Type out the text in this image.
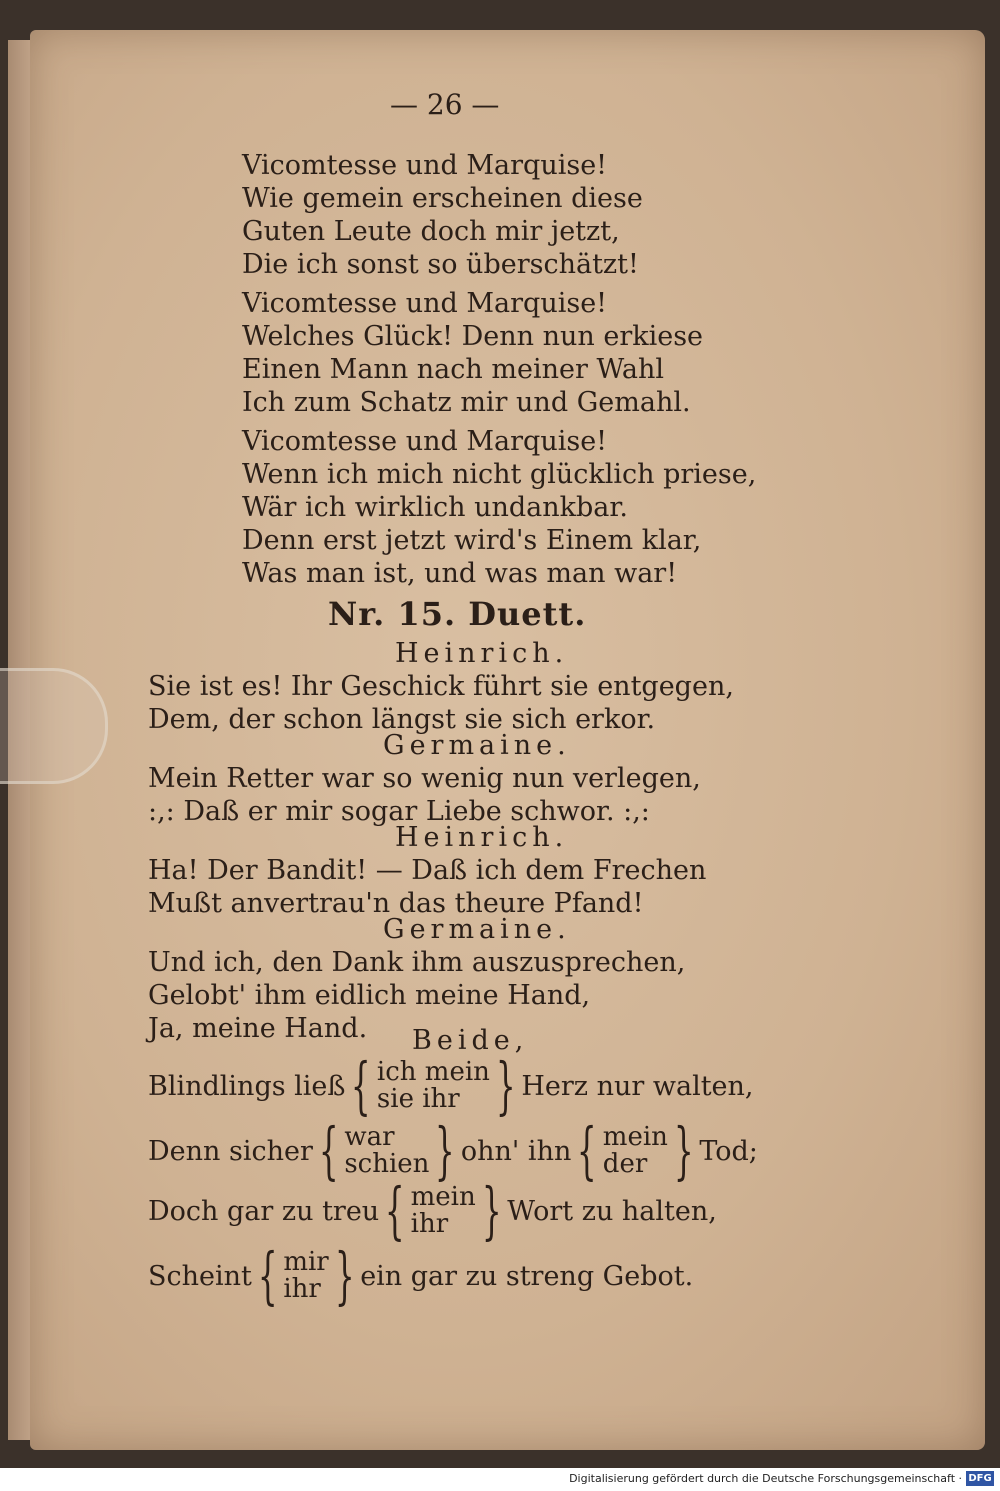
— 26 —
Vicomtesse und Marquise!
Wie gemein erscheinen diese
Guten Leute doch mir jetzt,
Die ich sonst so überschätzt!
Vicomtesse und Marquise!
Welches Glück! Denn nun erkiese
Einen Mann nach meiner Wahl
Ich zum Schatz mir und Gemahl.
Vicomtesse und Marquise!
Wenn ich mich nicht glücklich priese,
Wär ich wirklich undankbar.
Denn erst jetzt wird's Einem klar,
Was man ist, und was man war!
Nr. 15. Duett.
Heinrich.
Sie ist es! Ihr Geschick führt sie entgegen,
Dem, der schon längst sie sich erkor.
Germaine.
Mein Retter war so wenig nun verlegen,
:,: Daß er mir sogar Liebe schwor. :,:
Heinrich.
Ha! Der Bandit! — Daß ich dem Frechen
Mußt anvertrau'n das theure Pfand!
Germaine.
Und ich, den Dank ihm auszusprechen,
Gelobt' ihm eidlich meine Hand,
Ja, meine Hand. Beide,
Blindlings ließ { ich mein
sie ihr } Herz nur walten,
Denn sicher { war
schien } ohn' ihn { mein
der } Tod;
Doch gar zu treu { mein
ihr } Wort zu halten,
Scheint { mir
ihr } ein gar zu streng Gebot.
Digitalisierung gefördert durch die Deutsche Forschungsgemeinschaft · DFG
